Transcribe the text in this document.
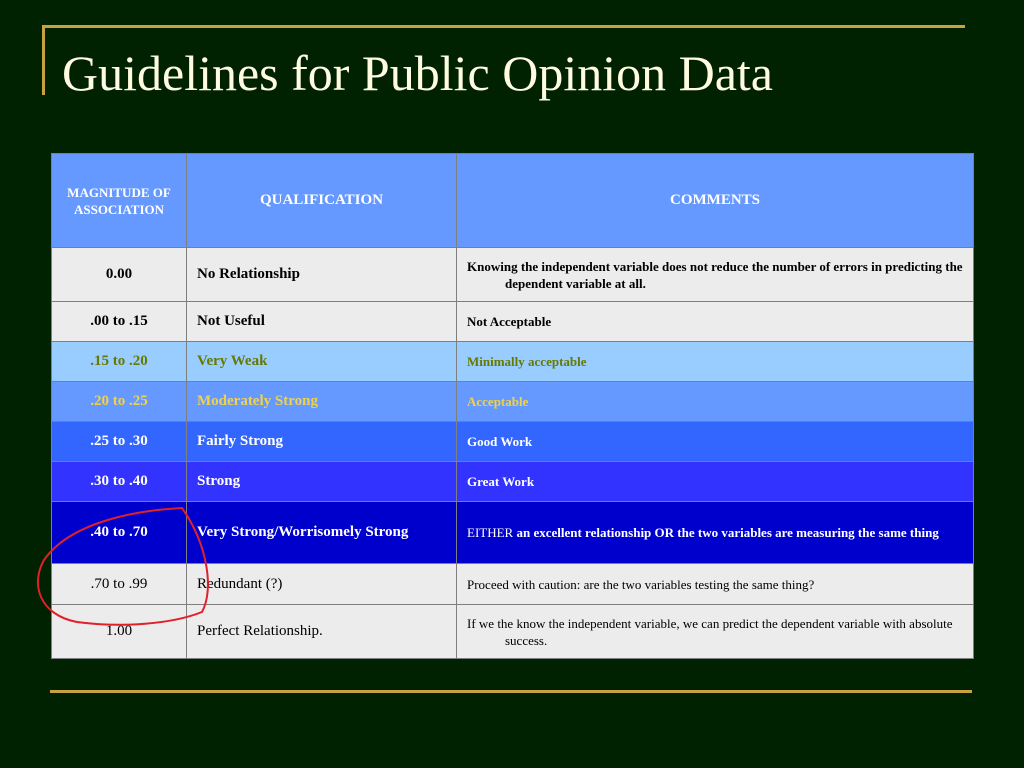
Guidelines for Public Opinion Data
MAGNITUDE OF ASSOCIATION	QUALIFICATION	COMMENTS
0.00	No Relationship	Knowing the independent variable does not reduce the number of errors in predicting the dependent variable at all.

.00 to .15	Not Useful	Not Acceptable

.15 to .20	Very Weak	Minimally acceptable

.20 to .25	Moderately Strong	Acceptable

.25 to .30	Fairly Strong	Good Work

.30 to .40	Strong	Great Work

.40 to .70	Very Strong/Worrisomely Strong	EITHER an excellent relationship OR the two variables are measuring the same thing

.70 to .99	Redundant (?)	Proceed with caution: are the two variables testing the same thing?

1.00	Perfect Relationship.	If we the know the independent variable, we can predict the dependent variable with absolute success.
